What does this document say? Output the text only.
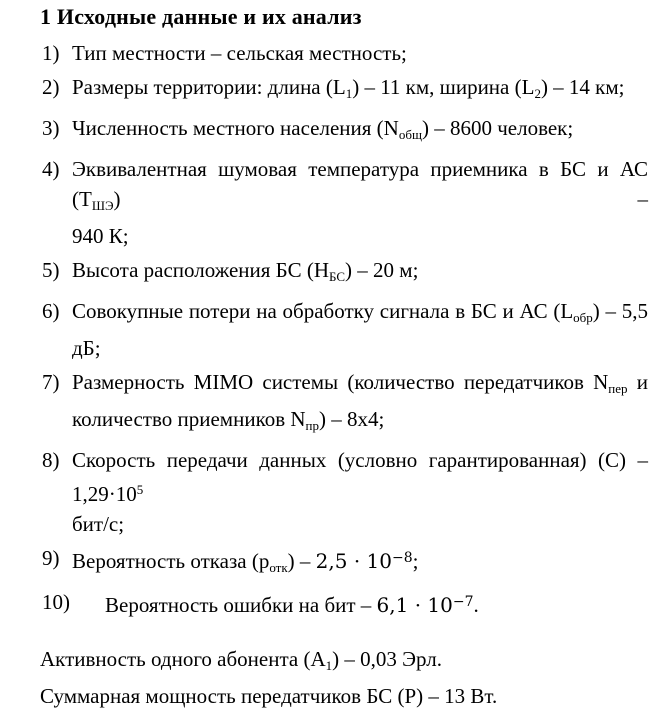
1 Исходные данные и их анализ
1) Тип местности – сельская местность;
2) Размеры территории: длина $(L_1) - 11$ км, ширина $(L_2) - 14$ км;
3) Численность местного населения $(N_{общ}) - 8600$ человек;
4) Эквивалентная шумовая температура приемника в БС и АС $(Т_{ШЭ})$ –
940 К;
5) Высота расположения БС $(Н_{БС}) - 20$ м;
6) Совокупные потери на обработку сигнала в БС и АС $(L_{обр}) - 5,5$ дБ;
7) Размерность MIMO системы (количество передатчиков $N_{пер}$ и
количество приемников $N_{пр}) - 8х4$;
8) Скорость передачи данных (условно гарантированная) $(С) - 1,29\cdot 10^5$
бит/с;
9) Вероятность отказа $(р_{отк}) - 2,5 \cdot 10^{-8}$;
10) Вероятность ошибки на бит – $6,1 \cdot 10^{-7}$.

Активность одного абонента $(А_1) - 0,03$ Эрл.

Суммарная мощность передатчиков БС (Р) – 13 Вт.
